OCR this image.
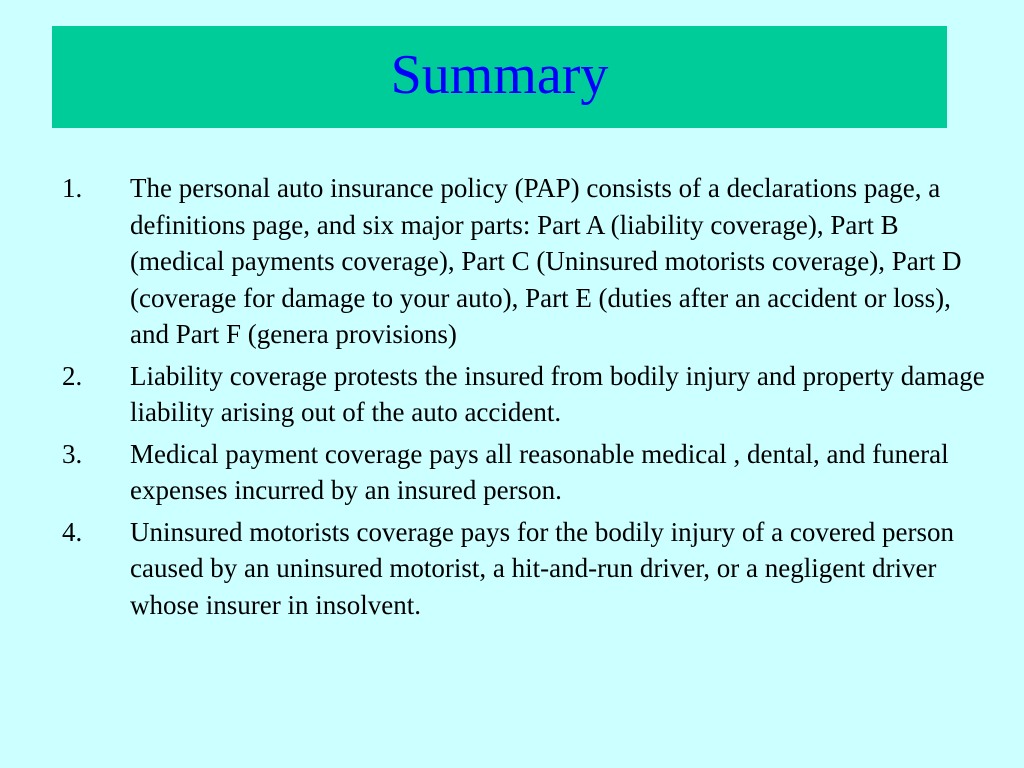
Summary
1. The personal auto insurance policy (PAP) consists of a declarations page, a definitions page, and six major parts: Part A (liability coverage), Part B (medical payments coverage), Part C (Uninsured motorists coverage), Part D (coverage for damage to your auto), Part E (duties after an accident or loss), and Part F (genera provisions)
2. Liability coverage protests the insured from bodily injury and property damage liability arising out of the auto accident.
3. Medical payment coverage pays all reasonable medical , dental, and funeral expenses incurred by an insured person.
4. Uninsured motorists coverage pays for the bodily injury of a covered person caused by an uninsured motorist, a hit-and-run driver, or a negligent driver whose insurer in insolvent.
